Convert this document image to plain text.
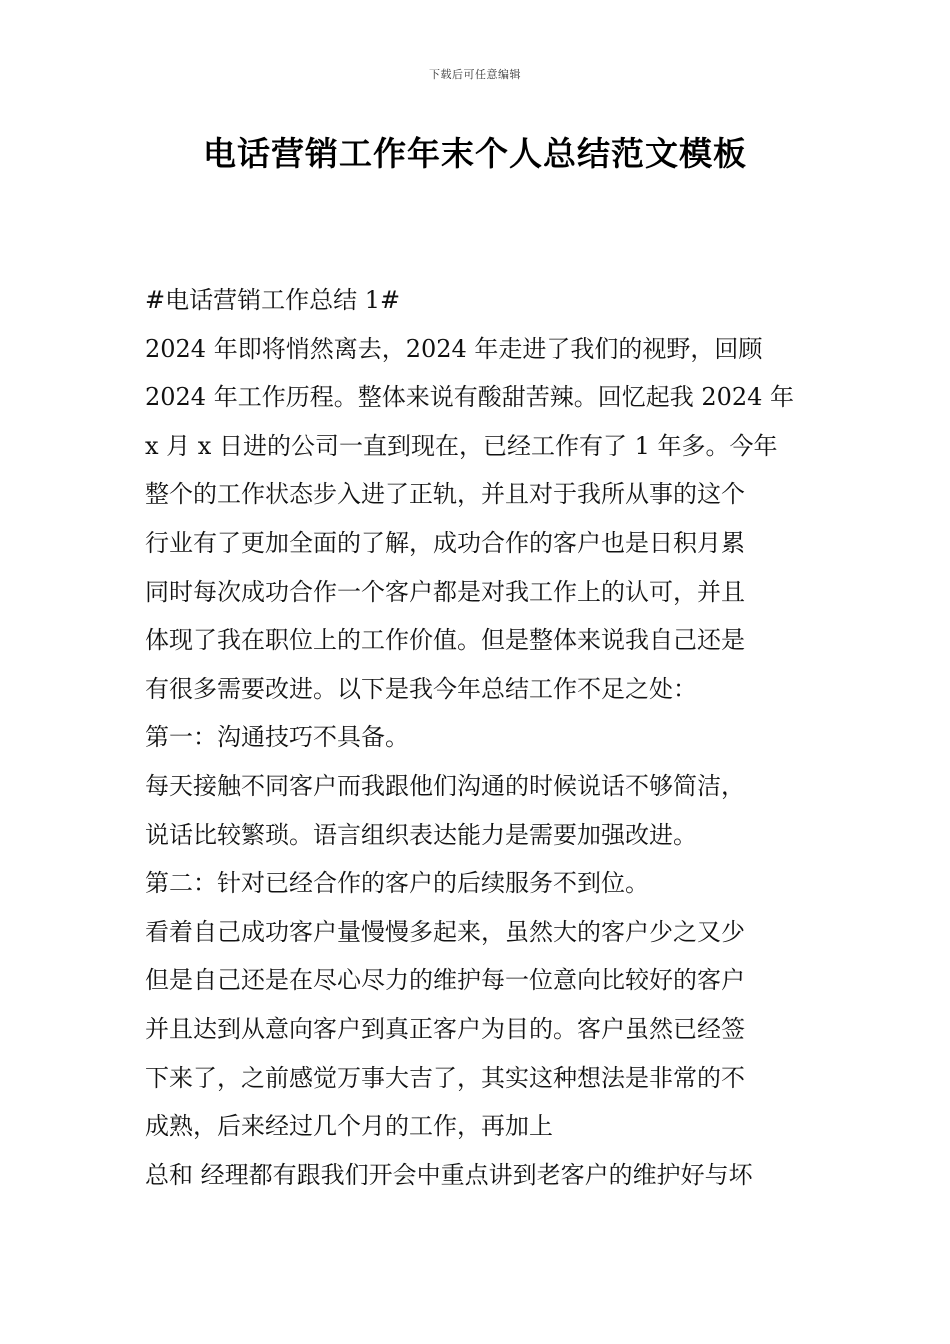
下载后可任意编辑
电话营销工作年末个人总结范文模板
#电话营销工作总结 1#
2024 年即将悄然离去，2024 年走进了我们的视野，回顾
2024 年工作历程。整体来说有酸甜苦辣。回忆起我 2024 年
x 月 x 日进的公司一直到现在，已经工作有了 1 年多。今年
整个的工作状态步入进了正轨，并且对于我所从事的这个
行业有了更加全面的了解，成功合作的客户也是日积月累
同时每次成功合作一个客户都是对我工作上的认可，并且
体现了我在职位上的工作价值。但是整体来说我自己还是
有很多需要改进。以下是我今年总结工作不足之处：
第一：沟通技巧不具备。
每天接触不同客户而我跟他们沟通的时候说话不够简洁，
说话比较繁琐。语言组织表达能力是需要加强改进。
第二：针对已经合作的客户的后续服务不到位。
看着自己成功客户量慢慢多起来，虽然大的客户少之又少
但是自己还是在尽心尽力的维护每一位意向比较好的客户
并且达到从意向客户到真正客户为目的。客户虽然已经签
下来了，之前感觉万事大吉了，其实这种想法是非常的不
成熟，后来经过几个月的工作，再加上
总和 经理都有跟我们开会中重点讲到老客户的维护好与坏
